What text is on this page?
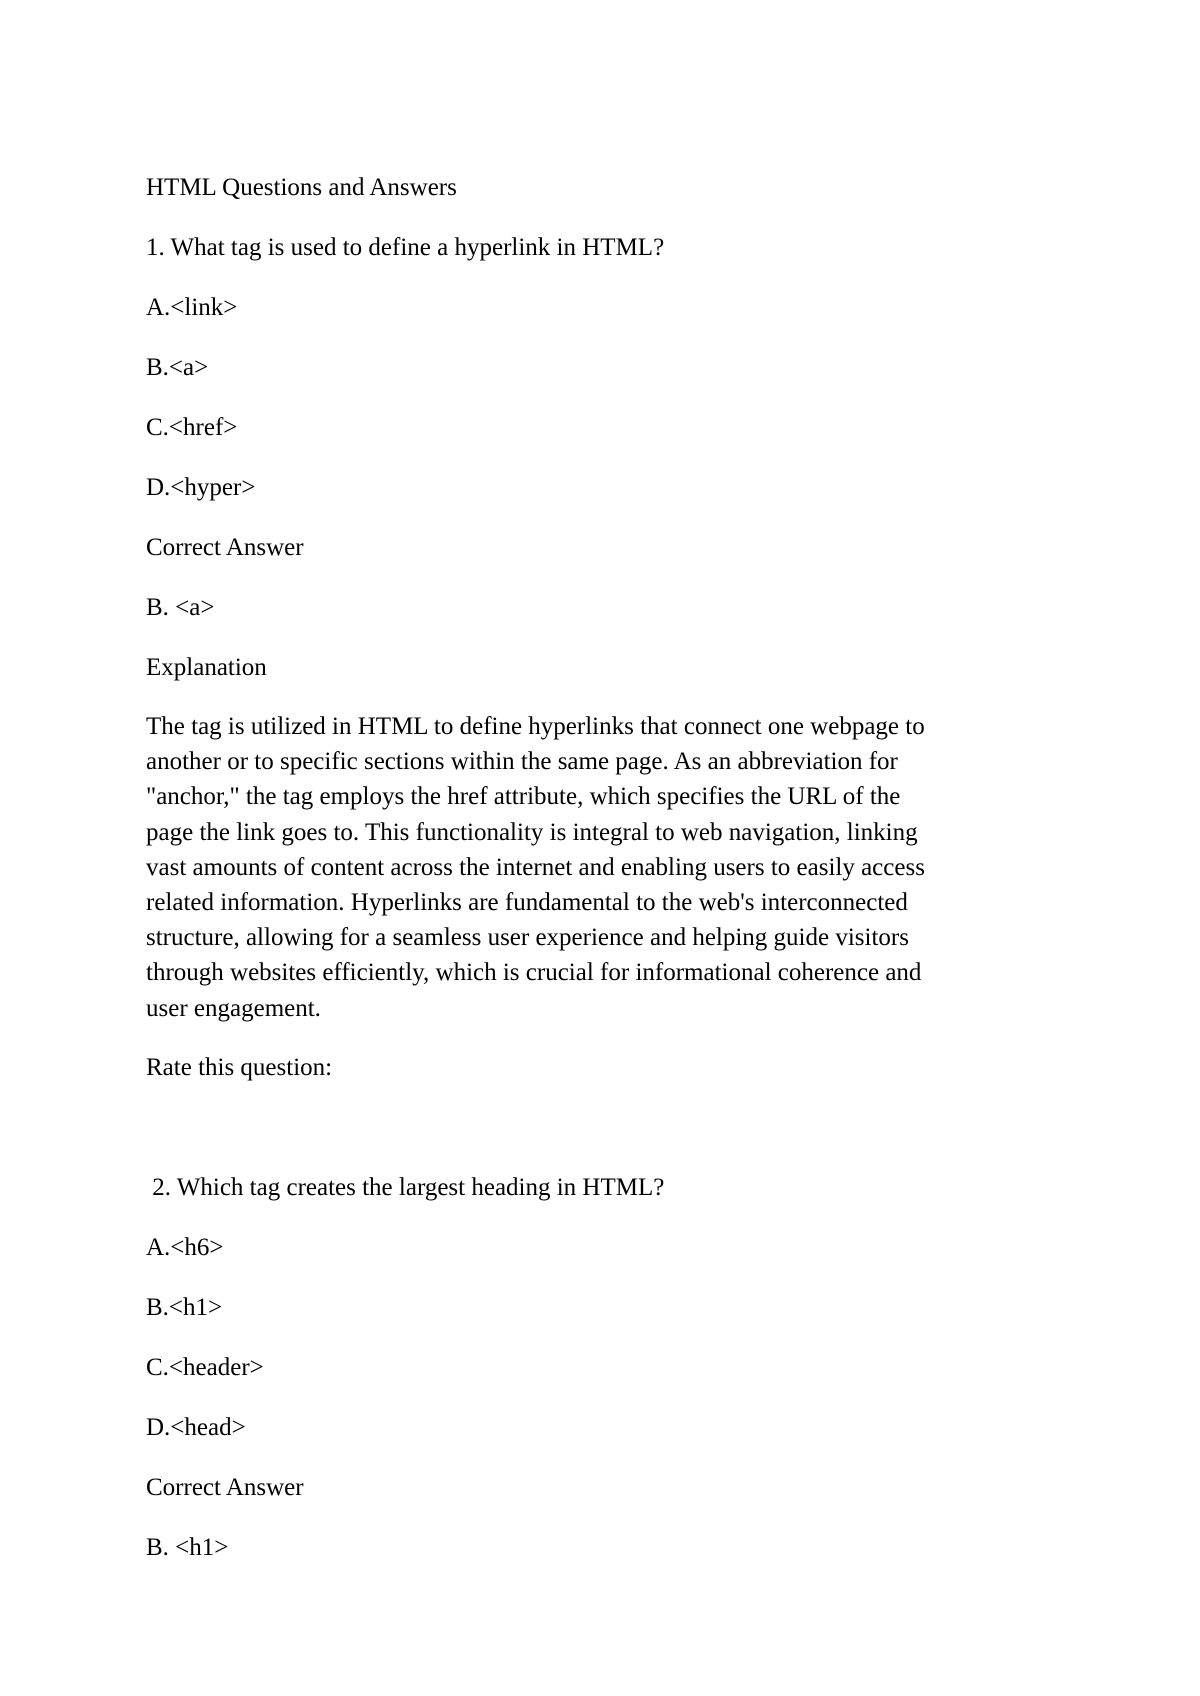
HTML Questions and Answers

1. What tag is used to define a hyperlink in HTML?

A.<link>

B.<a>

C.<href>

D.<hyper>

Correct Answer

B. <a>

Explanation

The tag is utilized in HTML to define hyperlinks that connect one webpage to
another or to specific sections within the same page. As an abbreviation for
"anchor," the tag employs the href attribute, which specifies the URL of the
page the link goes to. This functionality is integral to web navigation, linking
vast amounts of content across the internet and enabling users to easily access
related information. Hyperlinks are fundamental to the web's interconnected
structure, allowing for a seamless user experience and helping guide visitors
through websites efficiently, which is crucial for informational coherence and
user engagement.

Rate this question:

2. Which tag creates the largest heading in HTML?

A.<h6>

B.<h1>

C.<header>

D.<head>

Correct Answer

B. <h1>
